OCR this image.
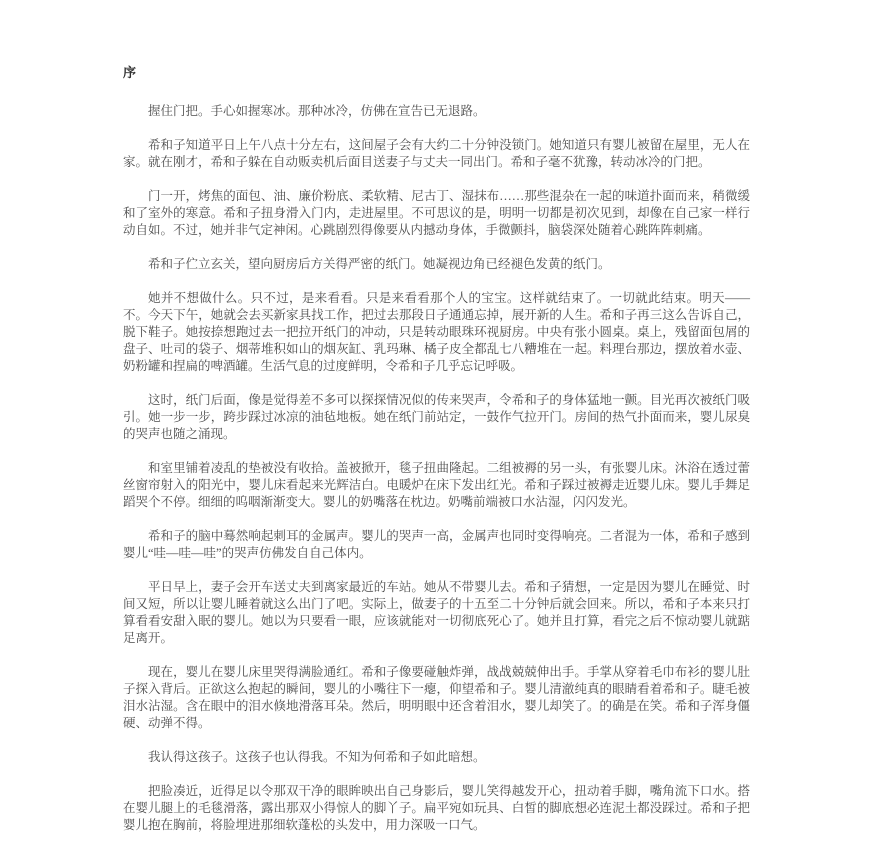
序

握住门把。手心如握寒冰。那种冰冷，仿佛在宣告已无退路。

希和子知道平日上午八点十分左右，这间屋子会有大约二十分钟没锁门。她知道只有婴儿被留在屋里，无人在家。就在刚才，希和子躲在自动贩卖机后面目送妻子与丈夫一同出门。希和子毫不犹豫，转动冰冷的门把。

门一开，烤焦的面包、油、廉价粉底、柔软精、尼古丁、湿抹布……那些混杂在一起的味道扑面而来，稍微缓和了室外的寒意。希和子扭身滑入门内，走进屋里。不可思议的是，明明一切都是初次见到，却像在自己家一样行动自如。不过，她并非气定神闲。心跳剧烈得像要从内撼动身体，手微颤抖，脑袋深处随着心跳阵阵刺痛。

希和子伫立玄关，望向厨房后方关得严密的纸门。她凝视边角已经褪色发黄的纸门。

她并不想做什么。只不过，是来看看。只是来看看那个人的宝宝。这样就结束了。一切就此结束。明天——不。今天下午，她就会去买新家具找工作，把过去那段日子通通忘掉，展开新的人生。希和子再三这么告诉自己，脱下鞋子。她按捺想跑过去一把拉开纸门的冲动，只是转动眼珠环视厨房。中央有张小圆桌。桌上，残留面包屑的盘子、吐司的袋子、烟蒂堆积如山的烟灰缸、乳玛琳、橘子皮全都乱七八糟堆在一起。料理台那边，摆放着水壶、奶粉罐和捏扁的啤酒罐。生活气息的过度鲜明，令希和子几乎忘记呼吸。

这时，纸门后面，像是觉得差不多可以探探情况似的传来哭声，令希和子的身体猛地一颤。目光再次被纸门吸引。她一步一步，跨步踩过冰凉的油毡地板。她在纸门前站定，一鼓作气拉开门。房间的热气扑面而来，婴儿尿臭的哭声也随之涌现。

和室里铺着凌乱的垫被没有收拾。盖被掀开，毯子扭曲隆起。二组被褥的另一头，有张婴儿床。沐浴在透过蕾丝窗帘射入的阳光中，婴儿床看起来光辉洁白。电暖炉在床下发出红光。希和子踩过被褥走近婴儿床。婴儿手舞足蹈哭个不停。细细的呜咽渐渐变大。婴儿的奶嘴落在枕边。奶嘴前端被口水沾湿，闪闪发光。

希和子的脑中蓦然响起刺耳的金属声。婴儿的哭声一高，金属声也同时变得响亮。二者混为一体，希和子感到婴儿“哇—哇—哇”的哭声仿佛发自自己体内。

平日早上，妻子会开车送丈夫到离家最近的车站。她从不带婴儿去。希和子猜想，一定是因为婴儿在睡觉、时间又短，所以让婴儿睡着就这么出门了吧。实际上，做妻子的十五至二十分钟后就会回来。所以，希和子本来只打算看看安甜入眠的婴儿。她以为只要看一眼，应该就能对一切彻底死心了。她并且打算，看完之后不惊动婴儿就踮足离开。

现在，婴儿在婴儿床里哭得满脸通红。希和子像要碰触炸弹，战战兢兢伸出手。手掌从穿着毛巾布衫的婴儿肚子探入背后。正欲这么抱起的瞬间，婴儿的小嘴往下一瘪，仰望希和子。婴儿清澈纯真的眼睛看着希和子。睫毛被泪水沾湿。含在眼中的泪水倏地滑落耳朵。然后，明明眼中还含着泪水，婴儿却笑了。的确是在笑。希和子浑身僵硬、动弹不得。

我认得这孩子。这孩子也认得我。不知为何希和子如此暗想。

把脸凑近，近得足以令那双干净的眼眸映出自己身影后，婴儿笑得越发开心，扭动着手脚，嘴角流下口水。搭在婴儿腿上的毛毯滑落，露出那双小得惊人的脚丫子。扁平宛如玩具、白皙的脚底想必连泥土都没踩过。希和子把婴儿抱在胸前，将脸埋进那细软蓬松的头发中，用力深吸一口气。
